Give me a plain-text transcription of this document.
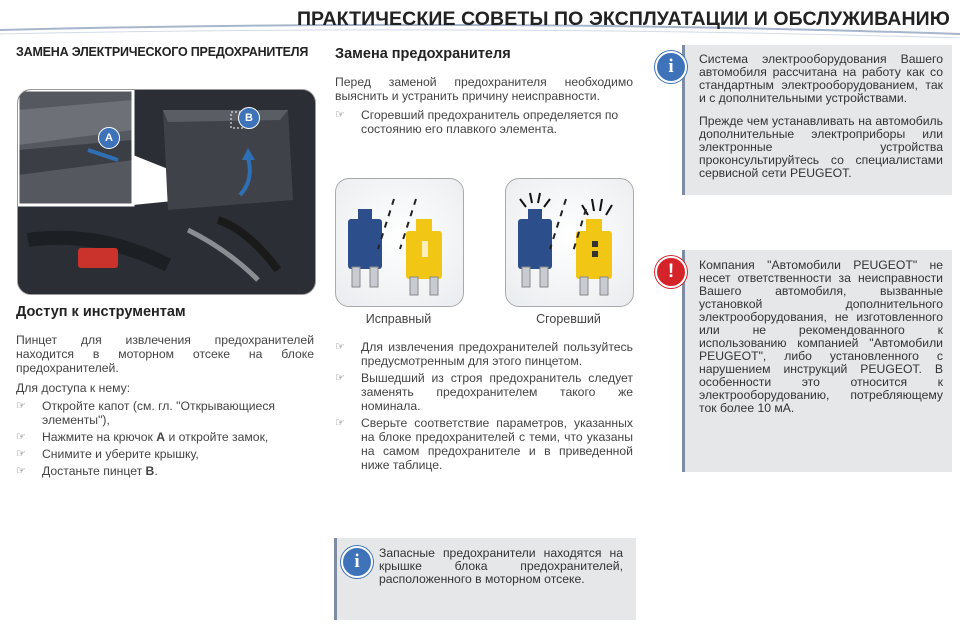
ПРАКТИЧЕСКИЕ СОВЕТЫ ПО ЭКСПЛУАТАЦИИ И ОБСЛУЖИВАНИЮ
ЗАМЕНА ЭЛЕКТРИЧЕСКОГО ПРЕДОХРАНИТЕЛЯ
A
B
Доступ к инструментам
Пинцет для извлечения предохранителей находится в моторном отсеке на блоке предохранителей.
Для доступа к нему:
☞ Откройте капот (см. гл. "Открывающиеся элементы"),
☞ Нажмите на крючок A и откройте замок,
☞ Снимите и уберите крышку,
☞ Достаньте пинцет B.
Замена предохранителя
Перед заменой предохранителя необходимо выяснить и устранить причину неисправности.
☞ Сгоревший предохранитель определяется по состоянию его плавкого элемента.
Исправный	Сгоревший
☞ Для извлечения предохранителей пользуйтесь предусмотренным для этого пинцетом.
☞ Вышедший из строя предохранитель следует заменять предохранителем такого же номинала.
☞ Сверьте соответствие параметров, указанных на блоке предохранителей с теми, что указаны на самом предохранителе и в приведенной ниже таблице.
i	Запасные предохранители находятся на крышке блока предохранителей, расположенного в моторном отсеке.
i	Система электрооборудования Вашего автомобиля рассчитана на работу как со стандартным электрооборудованием, так и с дополнительными устройствами.
Прежде чем устанавливать на автомобиль дополнительные электроприборы или электронные устройства проконсультируйтесь со специалистами сервисной сети PEUGEOT.
!	Компания "Автомобили PEUGEOT" не несет ответственности за неисправности Вашего автомобиля, вызванные установкой дополнительного электрооборудования, не изготовленного или не рекомендованного к использованию компанией "Автомобили PEUGEOT", либо установленного с нарушением инструкций PEUGEOT. В особенности это относится к электрооборудованию, потребляющему ток более 10 мА.
